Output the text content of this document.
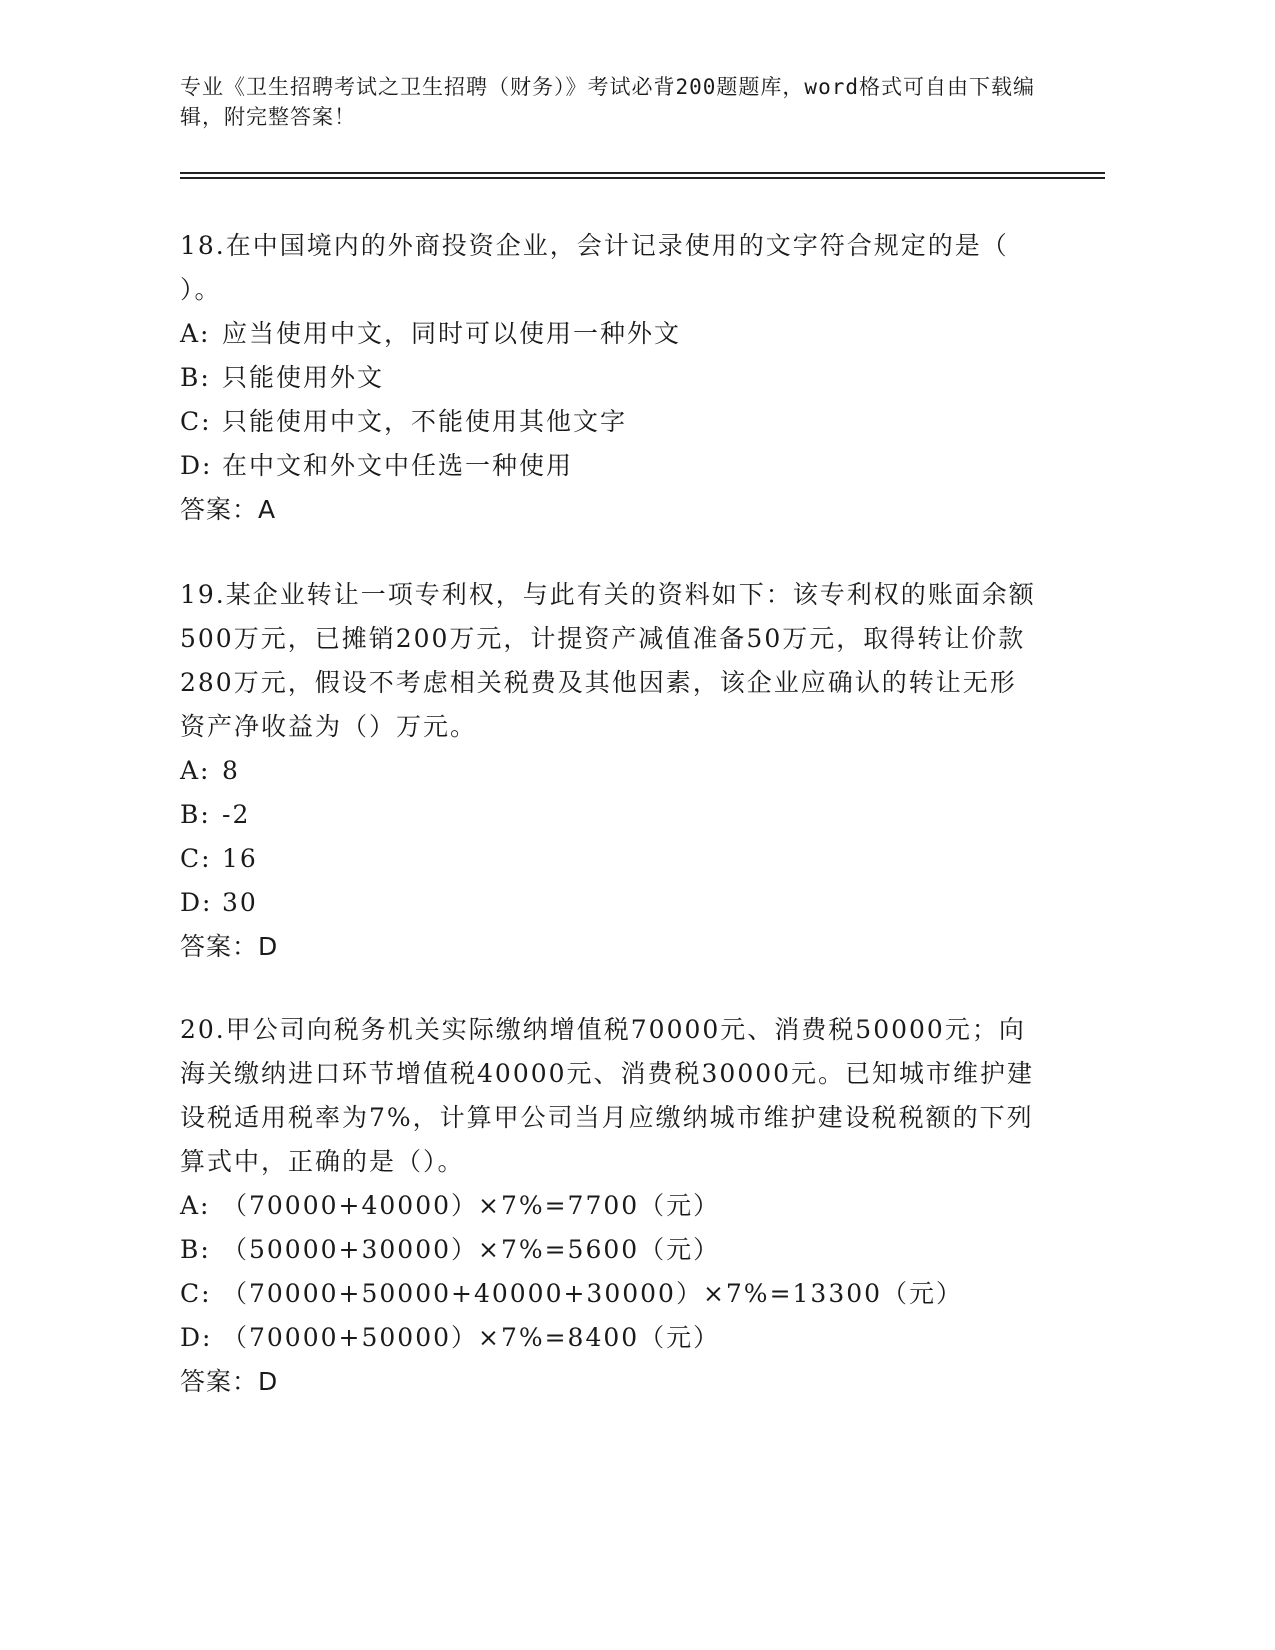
专业《卫生招聘考试之卫生招聘（财务）》考试必背200题题库，word格式可自由下载编辑，附完整答案！

18.在中国境内的外商投资企业，会计记录使用的文字符合规定的是（ ）。

A: 应当使用中文，同时可以使用一种外文
B: 只能使用外文
C: 只能使用中文，不能使用其他文字
D: 在中文和外文中任选一种使用
答案：A

19.某企业转让一项专利权，与此有关的资料如下：该专利权的账面余额500万元，已摊销200万元，计提资产减值准备50万元，取得转让价款280万元，假设不考虑相关税费及其他因素，该企业应确认的转让无形资产净收益为（）万元。

A: 8
B: -2
C: 16
D: 30
答案：D

20.甲公司向税务机关实际缴纳增值税70000元、消费税50000元；向海关缴纳进口环节增值税40000元、消费税30000元。已知城市维护建设税适用税率为7%，计算甲公司当月应缴纳城市维护建设税税额的下列算式中，正确的是（）。

A: （70000+40000）×7%=7700（元）
B: （50000+30000）×7%=5600（元）
C: （70000+50000+40000+30000）×7%=13300（元）
D: （70000+50000）×7%=8400（元）
答案：D
